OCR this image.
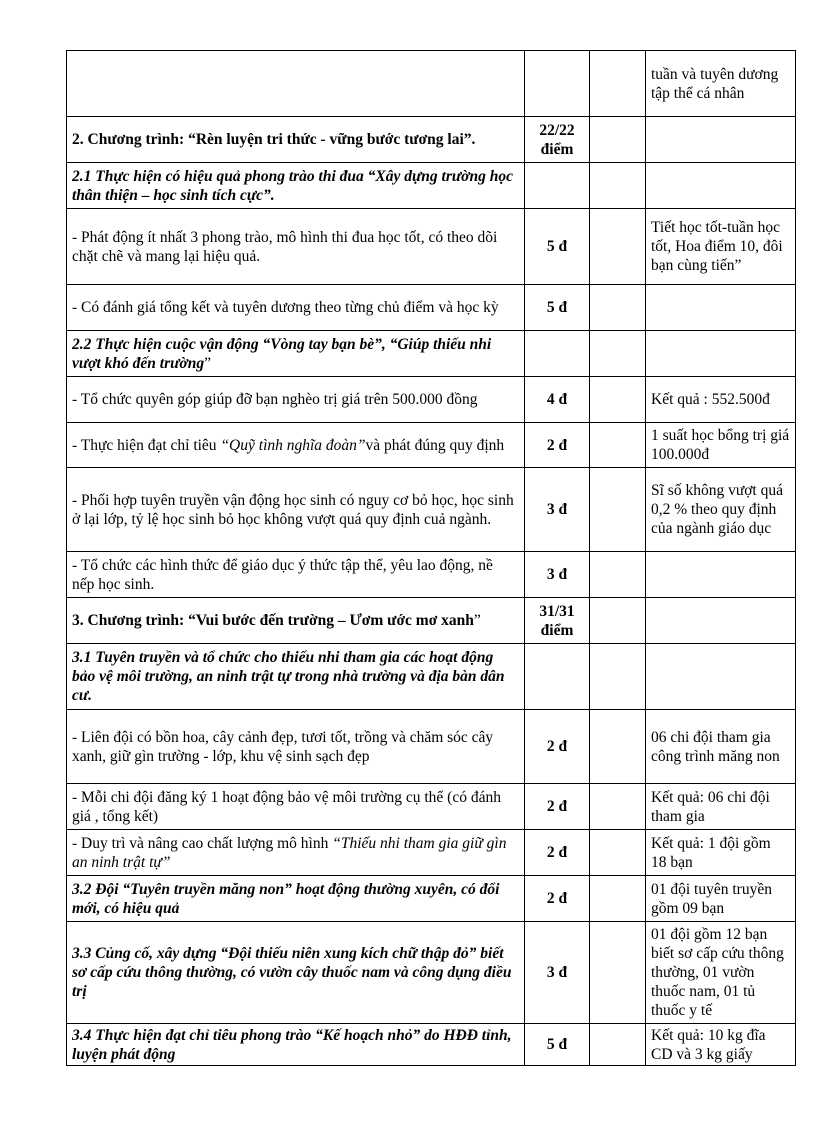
			tuần và tuyên dương tập thể cá nhân
2. Chương trình: “Rèn luyện tri thức - vững bước tương lai”.	22/22 điểm		
2.1 Thực hiện có hiệu quả phong trào thi đua “Xây dựng trường học thân thiện – học sinh tích cực”.			
- Phát động ít nhất 3 phong trào, mô hình thi đua học tốt, có theo dõi chặt chẽ và mang lại hiệu quả.	5 đ		Tiết học tốt-tuần học tốt, Hoa điểm 10, đôi bạn cùng tiến”
- Có đánh giá tổng kết và tuyên dương theo từng chủ điểm và học kỳ	5 đ		
2.2 Thực hiện cuộc vận động “Vòng tay bạn bè”, “Giúp thiếu nhi vượt khó đến trường”			
- Tổ chức quyên góp giúp đỡ bạn nghèo trị giá trên 500.000 đồng	4 đ		Kết quả : 552.500đ
- Thực hiện đạt chỉ tiêu “Quỹ tình nghĩa đoàn”và phát đúng quy định	2 đ		1 suất học bổng trị giá 100.000đ
- Phối hợp tuyên truyền vận động học sinh có nguy cơ bỏ học, học sinh ở lại lớp, tỷ lệ học sinh bỏ học không vượt quá quy định cuả ngành.	3 đ		Sĩ số không vượt quá 0,2 % theo quy định của ngành giáo dục
- Tổ chức các hình thức để giáo dục ý thức tập thể, yêu lao động, nề nếp học sinh.	3 đ		
3. Chương trình: “Vui bước đến trường – Ươm ước mơ xanh”	31/31 điểm		
3.1 Tuyên truyền và tổ chức cho thiếu nhi tham gia các hoạt động bảo vệ môi trường, an ninh trật tự trong nhà trường và địa bàn dân cư.			
- Liên đội có bồn hoa, cây cảnh đẹp, tươi tốt, trồng và chăm sóc cây xanh, giữ gìn trường - lớp, khu vệ sinh sạch đẹp	2 đ		06 chi đội tham gia công trình măng non
- Mỗi chi đội đăng ký 1 hoạt động bảo vệ môi trường cụ thể (có đánh giá , tổng kết)	2 đ		Kết quả: 06 chi đội tham gia
- Duy trì và nâng cao chất lượng mô hình “Thiếu nhi tham gia giữ gìn an ninh trật tự”	2 đ		Kết quả: 1 đội gồm 18 bạn
3.2 Đội “Tuyên truyền măng non” hoạt động thường xuyên, có đổi mới, có hiệu quả	2 đ		01 đội tuyên truyền gồm 09 bạn
3.3 Củng cố, xây dựng “Đội thiếu niên xung kích chữ thập đỏ” biết sơ cấp cứu thông thường, có vườn cây thuốc nam và công dụng điều trị	3 đ		01 đội gồm 12 bạn biết sơ cấp cứu thông thường, 01 vườn thuốc nam, 01 tủ thuốc y tế
3.4 Thực hiện đạt chỉ tiêu phong trào “Kế hoạch nhỏ” do HĐĐ tỉnh, luyện phát động	5 đ		Kết quả: 10 kg đĩa CD và 3 kg giấy
